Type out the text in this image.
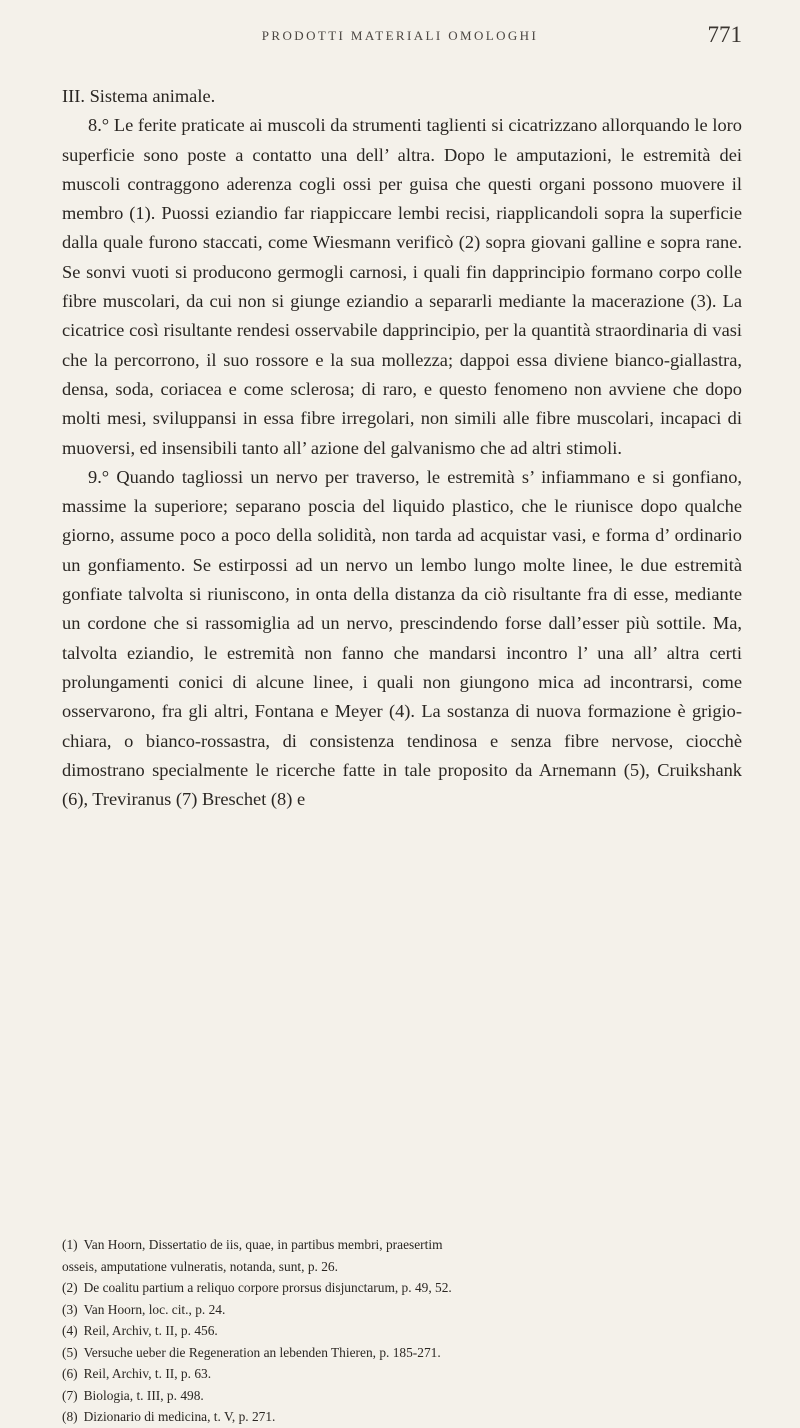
PRODOTTI MATERIALI OMOLOGHI	771

III. Sistema animale.

8.° Le ferite praticate ai muscoli da strumenti taglienti si cicatrizzano allorquando le loro superficie sono poste a contatto una dell’ altra. Dopo le amputazioni, le estremità dei muscoli contraggono aderenza cogli ossi per guisa che questi organi possono muovere il membro (1). Puossi eziandio far riappiccare lembi recisi, riapplicandoli sopra la superficie dalla quale furono staccati, come Wiesmann verificò (2) sopra giovani galline e sopra rane. Se sonvi vuoti si producono germogli carnosi, i quali fin dapprincipio formano corpo colle fibre muscolari, da cui non si giunge eziandio a separarli mediante la macerazione (3). La cicatrice così risultante rendesi osservabile dapprincipio, per la quantità straordinaria di vasi che la percorrono, il suo rossore e la sua mollezza; dappoi essa diviene bianco-giallastra, densa, soda, coriacea e come sclerosa; di raro, e questo fenomeno non avviene che dopo molti mesi, sviluppansi in essa fibre irregolari, non simili alle fibre muscolari, incapaci di muoversi, ed insensibili tanto all’ azione del galvanismo che ad altri stimoli.

9.° Quando tagliossi un nervo per traverso, le estremità s’ infiammano e si gonfiano, massime la superiore; separano poscia del liquido plastico, che le riunisce dopo qualche giorno, assume poco a poco della solidità, non tarda ad acquistar vasi, e forma d’ ordinario un gonfiamento. Se estirpossi ad un nervo un lembo lungo molte linee, le due estremità gonfiate talvolta si riuniscono, in onta della distanza da ciò risultante fra di esse, mediante un cordone che si rassomiglia ad un nervo, prescindendo forse dall’esser più sottile. Ma, talvolta eziandio, le estremità non fanno che mandarsi incontro l’ una all’ altra certi prolungamenti conici di alcune linee, i quali non giungono mica ad incontrarsi, come osservarono, fra gli altri, Fontana e Meyer (4). La sostanza di nuova formazione è grigio-chiara, o bianco-rossastra, di consistenza tendinosa e senza fibre nervose, ciocchè dimostrano specialmente le ricerche fatte in tale proposito da Arnemann (5), Cruikshank (6), Treviranus (7) Breschet (8) e

(1) Van Hoorn, Dissertatio de iis, quae, in partibus membri, praesertim

osseis, amputatione vulneratis, notanda, sunt, p. 26.

(2) De coalitu partium a reliquo corpore prorsus disjunctarum, p. 49, 52.

(3) Van Hoorn, loc. cit., p. 24.

(4) Reil, Archiv, t. II, p. 456.

(5) Versuche ueber die Regeneration an lebenden Thieren, p. 185-271.

(6) Reil, Archiv, t. II, p. 63.

(7) Biologia, t. III, p. 498.

(8) Dizionario di medicina, t. V, p. 271.
